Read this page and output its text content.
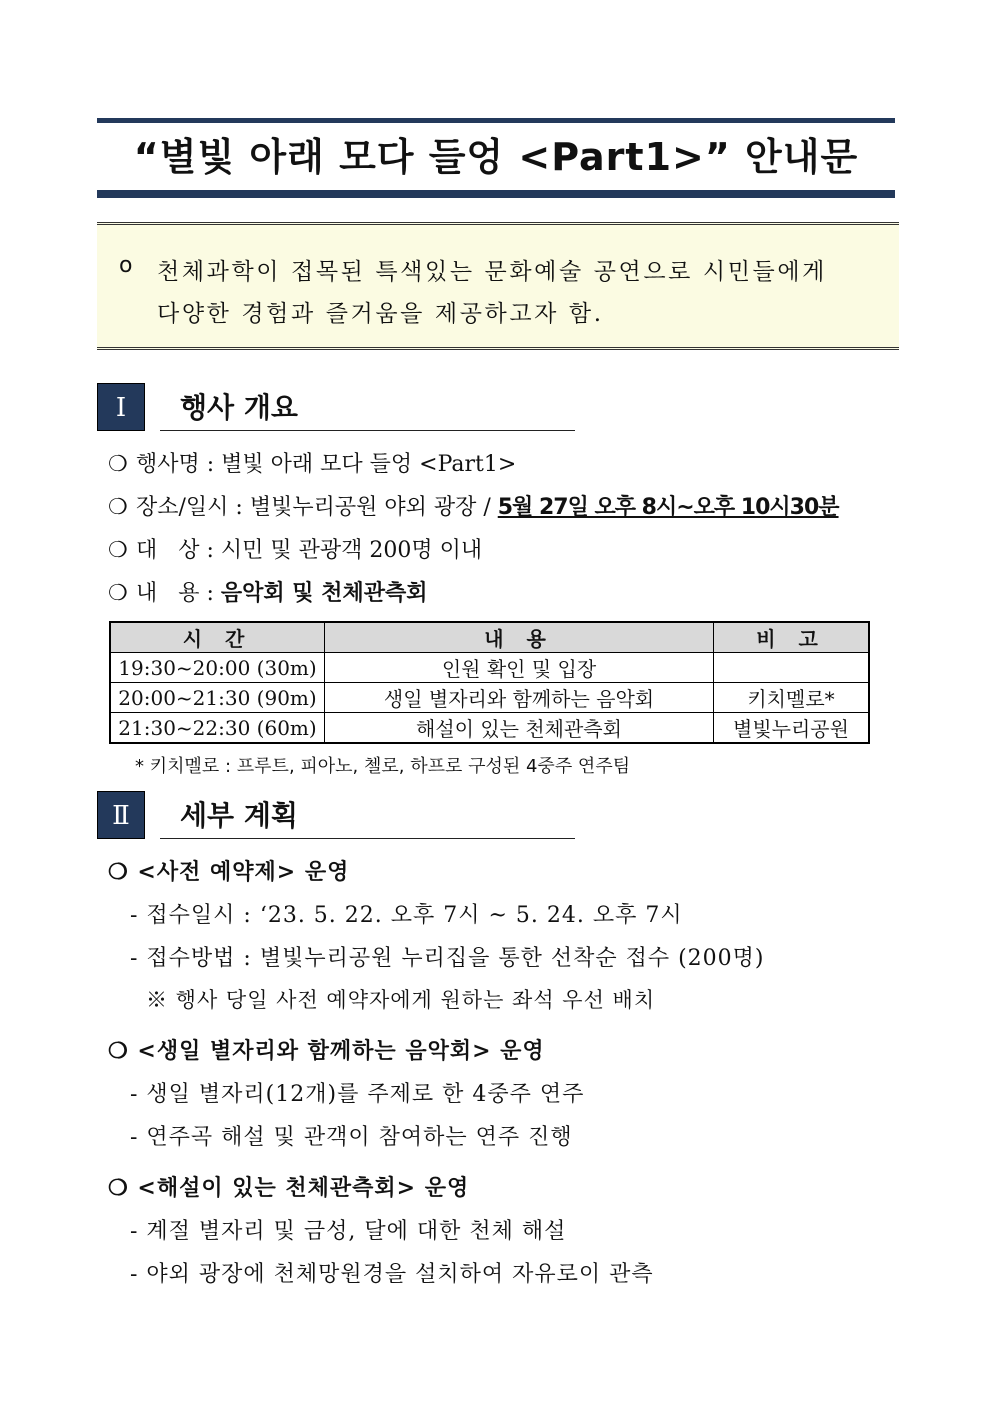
“별빛 아래 모다 들엉 <Part1>” 안내문
o 천체과학이 접목된 특색있는 문화예술 공연으로 시민들에게
다양한 경험과 즐거움을 제공하고자 함.
Ⅰ	행사 개요
❍ 행사명 : 별빛 아래 모다 들엉 <Part1>
❍ 장소/일시 : 별빛누리공원 야외 광장 / 5월 27일 오후 8시~오후 10시30분
❍ 대   상 : 시민 및 관광객 200명 이내
❍ 내   용 : 음악회 및 천체관측회
시 간	내 용	비 고
19:30~20:00 (30m)	인원 확인 및 입장	
20:00~21:30 (90m)	생일 별자리와 함께하는 음악회	키치멜로*
21:30~22:30 (60m)	해설이 있는 천체관측회	별빛누리공원
* 키치멜로 : 프루트, 피아노, 첼로, 하프로 구성된 4중주 연주팀
Ⅱ	세부 계획
❍ <사전 예약제> 운영
- 접수일시 : ‘23. 5. 22. 오후 7시 ~ 5. 24. 오후 7시
- 접수방법 : 별빛누리공원 누리집을 통한 선착순 접수 (200명)
※ 행사 당일 사전 예약자에게 원하는 좌석 우선 배치
❍ <생일 별자리와 함께하는 음악회> 운영
- 생일 별자리(12개)를 주제로 한 4중주 연주
- 연주곡 해설 및 관객이 참여하는 연주 진행
❍ <해설이 있는 천체관측회> 운영
- 계절 별자리 및 금성, 달에 대한 천체 해설
- 야외 광장에 천체망원경을 설치하여 자유로이 관측
